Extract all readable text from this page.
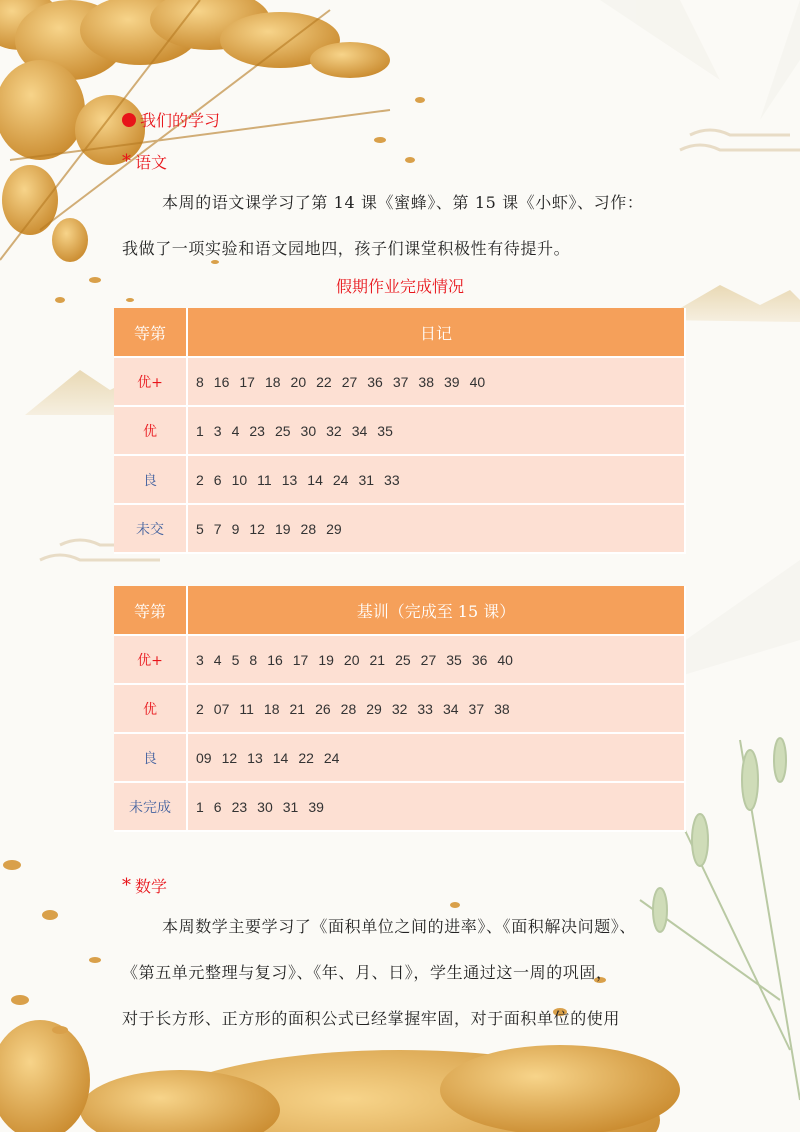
我们的学习
* 语文
本周的语文课学习了第 14 课《蜜蜂》、第 15 课《小虾》、习作：
我做了一项实验和语文园地四，孩子们课堂积极性有待提升。
假期作业完成情况
等第	日记
优+	8 16 17 18 20 22 27 36 37 38 39 40
优	1 3 4 23 25 30 32 34 35
良	2 6 10 11 13 14 24 31 33
未交	5 7 9 12 19 28 29
等第	基训（完成至 15 课）
优+	3 4 5 8 16 17 19 20 21 25 27 35 36 40
优	2 07 11 18 21 26 28 29 32 33 34 37 38
良	09 12 13 14 22 24
未完成	1 6 23 30 31 39
* 数学
本周数学主要学习了《面积单位之间的进率》、《面积解决问题》、
《第五单元整理与复习》、《年、月、日》，学生通过这一周的巩固，
对于长方形、正方形的面积公式已经掌握牢固，对于面积单位的使用
